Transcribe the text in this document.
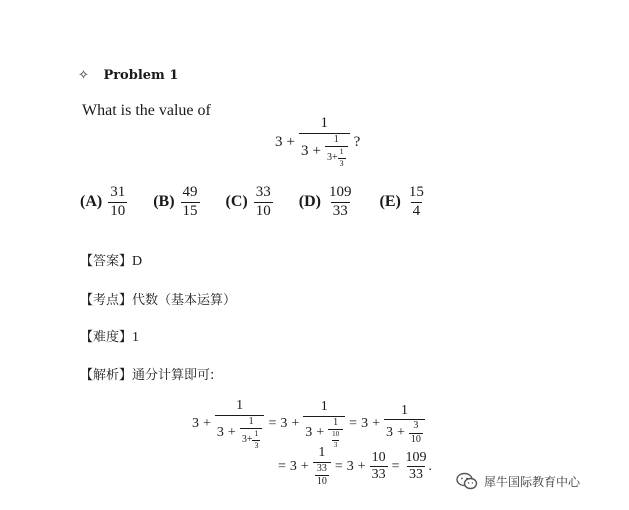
✧ Problem 1
What is the value of
3 +
1
$3 + \frac{1}{3 + \frac{1}{3}}$ ?
$(A) \frac{31}{10} (B) \frac{49}{15} (C) \frac{33}{10} (D) \frac{109}{33} (E) \frac{15}{4}$
【答案】D
【考点】代数（基本运算）
【难度】1
【解析】通分计算即可:
3 +
1
$3 + \frac{1}{3 + \frac{1}{3}} = 3$ +
1
$3 + \frac{1}{\frac{10}{3}} = 3 + \frac{1}{3 + \frac{3}{10}}$
= $3 + \frac{1}{\frac{33}{10}} = 3 + \frac{10}{33} = \frac{109}{33}$ .
犀牛国际教育中心
